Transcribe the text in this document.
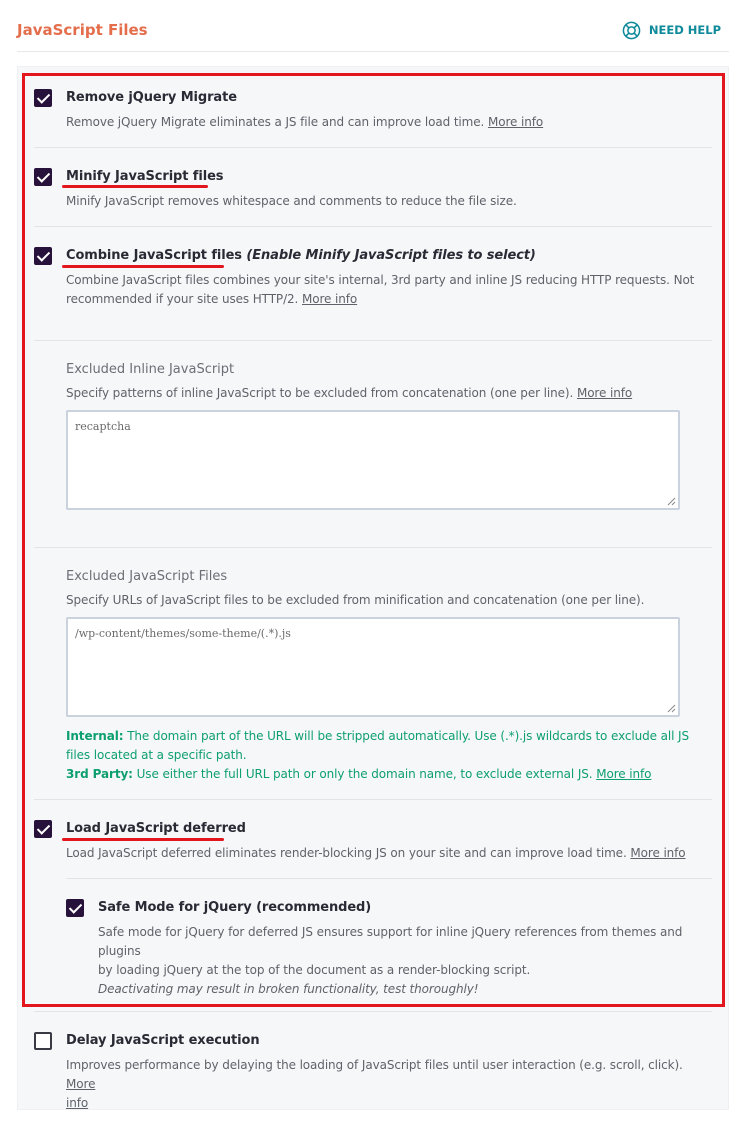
JavaScript Files	NEED HELP
Remove jQuery Migrate
Remove jQuery Migrate eliminates a JS file and can improve load time. More info
Minify JavaScript files
Minify JavaScript removes whitespace and comments to reduce the file size.
Combine JavaScript files (Enable Minify JavaScript files to select)
Combine JavaScript files combines your site's internal, 3rd party and inline JS reducing HTTP requests. Not
recommended if your site uses HTTP/2. More info
Excluded Inline JavaScript
Specify patterns of inline JavaScript to be excluded from concatenation (one per line). More info
recaptcha
Excluded JavaScript Files
Specify URLs of JavaScript files to be excluded from minification and concatenation (one per line).
/wp-content/themes/some-theme/(.*).js
Internal: The domain part of the URL will be stripped automatically. Use (.*).js wildcards to exclude all JS
files located at a specific path.
3rd Party: Use either the full URL path or only the domain name, to exclude external JS. More info
Load JavaScript deferred
Load JavaScript deferred eliminates render-blocking JS on your site and can improve load time. More info
Safe Mode for jQuery (recommended)
Safe mode for jQuery for deferred JS ensures support for inline jQuery references from themes and plugins
by loading jQuery at the top of the document as a render-blocking script.
Deactivating may result in broken functionality, test thoroughly!
Delay JavaScript execution
Improves performance by delaying the loading of JavaScript files until user interaction (e.g. scroll, click). More
info
